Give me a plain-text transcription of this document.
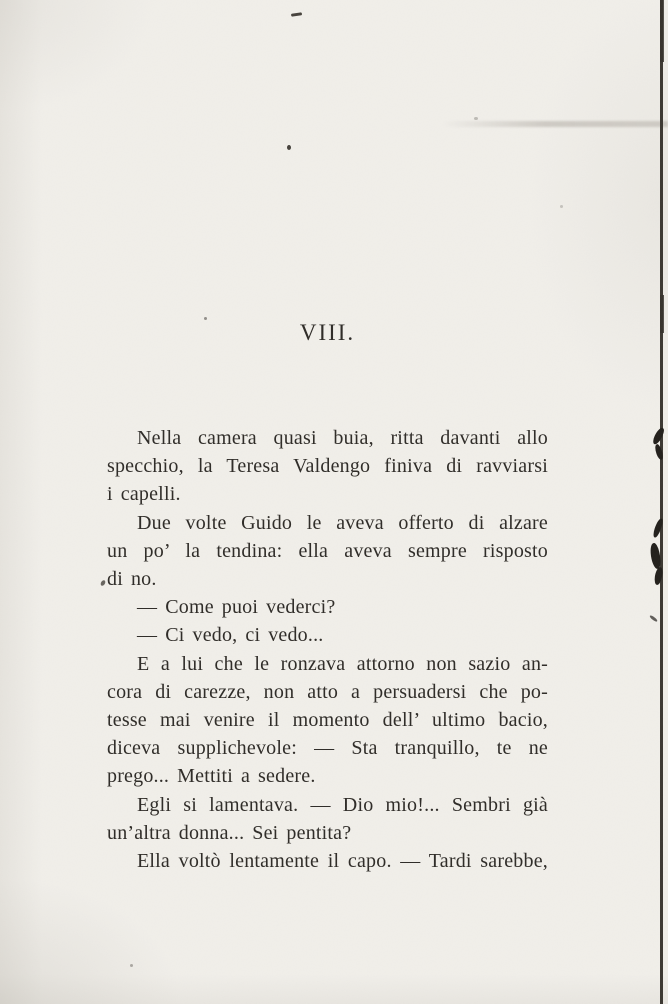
VIII.
Nella camera quasi buia, ritta davanti allo
specchio, la Teresa Valdengo finiva di ravviarsi
i capelli.
Due volte Guido le aveva offerto di alzare
un po’ la tendina: ella aveva sempre risposto
di no.
— Come puoi vederci?
— Ci vedo, ci vedo...
E a lui che le ronzava attorno non sazio an-
cora di carezze, non atto a persuadersi che po-
tesse mai venire il momento dell’ ultimo bacio,
diceva supplichevole: — Sta tranquillo, te ne
prego... Mettiti a sedere.
Egli si lamentava. — Dio mio!... Sembri già
un’altra donna... Sei pentita?
Ella voltò lentamente il capo. — Tardi sarebbe,
